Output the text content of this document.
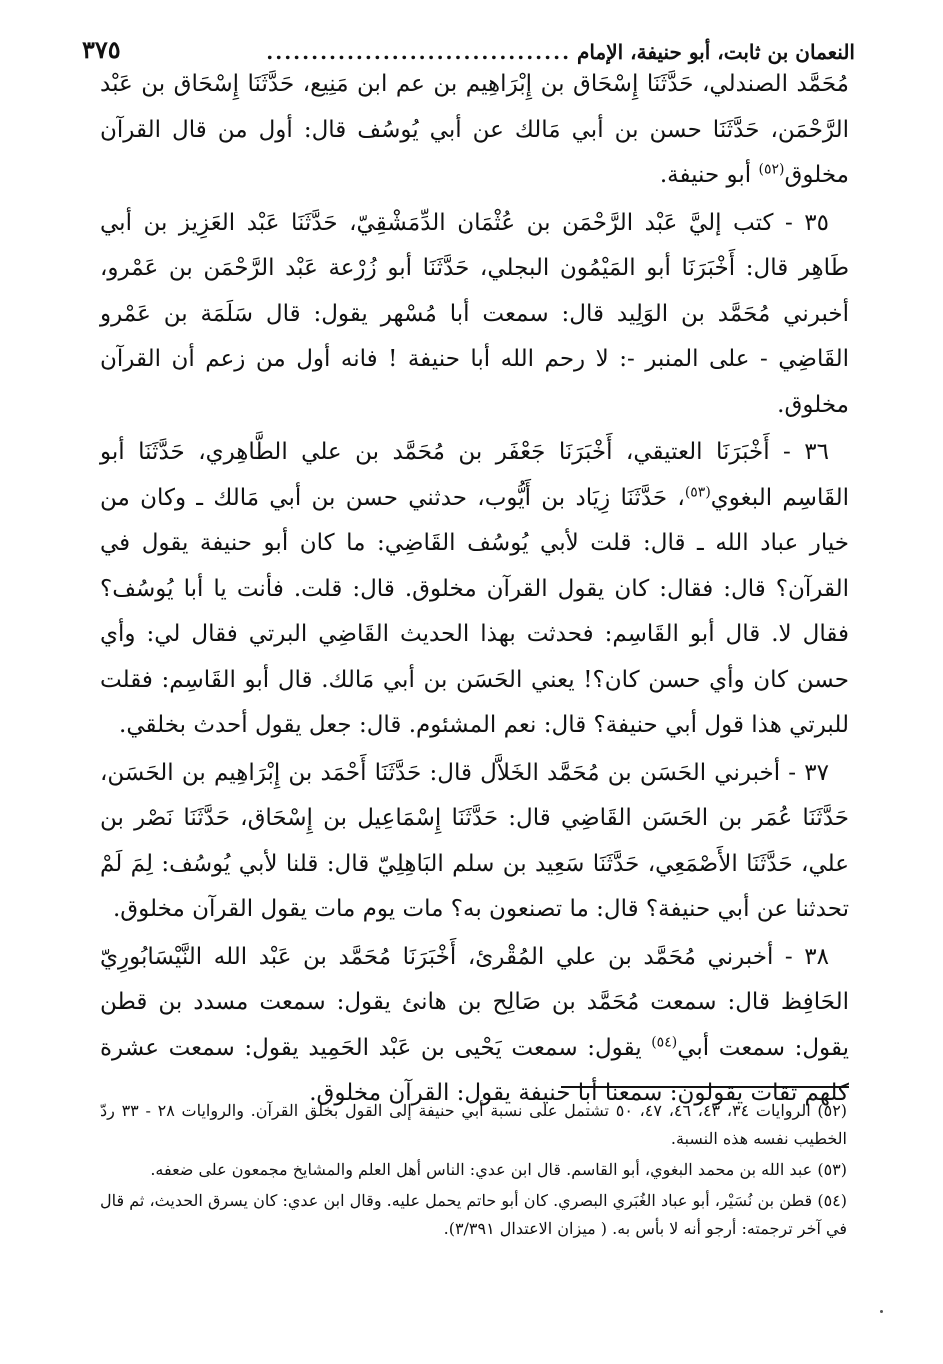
النعمان بن ثابت، أبو حنيفة، الإمام
..................................
٣٧٥

مُحَمَّد الصندلي، حَدَّثَنَا إِسْحَاق بن إِبْرَاهِيم بن عم ابن مَنِيع، حَدَّثَنَا إِسْحَاق بن عَبْد الرَّحْمَن، حَدَّثَنَا حسن بن أبي مَالك عن أبي يُوسُف قال: أول من قال القرآن مخلوق$^{(٥٢)}$ أبو حنيفة.

٣٥ - كتب إليَّ عَبْد الرَّحْمَن بن عُثْمَان الدِّمَشْقِيّ، حَدَّثَنَا عَبْد العَزِيز بن أبي طَاهِر قال: أَخْبَرَنَا أبو المَيْمُون البجلي، حَدَّثَنَا أبو زُرْعة عَبْد الرَّحْمَن بن عَمْرو، أخبرني مُحَمَّد بن الوَلِيد قال: سمعت أبا مُسْهر يقول: قال سَلَمَة بن عَمْرو القَاضِي - على المنبر -: لا رحم الله أبا حنيفة ! فانه أول من زعم أن القرآن مخلوق.

٣٦ - أَخْبَرَنَا العتيقي، أَخْبَرَنَا جَعْفَر بن مُحَمَّد بن علي الطَّاهِري، حَدَّثَنَا أبو القَاسِم البغوي$^{(٥٣)}$، حَدَّثَنَا زِيَاد بن أَيُّوب، حدثني حسن بن أبي مَالك ـ وكان من خيار عباد الله ـ قال: قلت لأبي يُوسُف القَاضِي: ما كان أبو حنيفة يقول في القرآن؟ قال: فقال: كان يقول القرآن مخلوق. قال: قلت. فأنت يا أبا يُوسُف؟ فقال لا. قال أبو القَاسِم: فحدثت بهذا الحديث القَاضِي البرتي فقال لي: وأي حسن كان وأي حسن كان؟! يعني الحَسَن بن أبي مَالك. قال أبو القَاسِم: فقلت للبرتي هذا قول أبي حنيفة؟ قال: نعم المشئوم. قال: جعل يقول أحدث بخلقي.

٣٧ - أخبرني الحَسَن بن مُحَمَّد الخَلاَّل قال: حَدَّثَنَا أَحْمَد بن إِبْرَاهِيم بن الحَسَن، حَدَّثَنَا عُمَر بن الحَسَن القَاضِي قال: حَدَّثَنَا إِسْمَاعِيل بن إِسْحَاق، حَدَّثَنَا نَصْر بن علي، حَدَّثَنَا الأَصْمَعِي، حَدَّثَنَا سَعِيد بن سلم البَاهِلِيّ قال: قلنا لأبي يُوسُف: لِمَ لَمْ تحدثنا عن أبي حنيفة؟ قال: ما تصنعون به؟ مات يوم مات يقول القرآن مخلوق.

٣٨ - أخبرني مُحَمَّد بن علي المُقْرئ، أَخْبَرَنَا مُحَمَّد بن عَبْد الله النَّيْسَابُورِيّ الحَافِظ قال: سمعت مُحَمَّد بن صَالِح بن هانئ يقول: سمعت مسدد بن قطن يقول: سمعت أبي$^{(٥٤)}$ يقول: سمعت يَحْيى بن عَبْد الحَمِيد يقول: سمعت عشرة كلهم ثقات يقولون: سمعنا أبا حنيفة يقول: القرآن مخلوق.

(٥٢) الروايات ٣٤، ٤٣، ٤٦، ٤٧، ٥٠ تشتمل على نسبة أبي حنيفة إلى القول بخلق القرآن. والروايات ٢٨ - ٣٣ ردّ الخطيب نفسه هذه النسبة.

(٥٣) عبد الله بن محمد البغوي، أبو القاسم. قال ابن عدي: الناس أهل العلم والمشايخ مجمعون على ضعفه.

(٥٤) قطن بن نُسَيْر، أبو عباد الغُبَري البصري. كان أبو حاتم يحمل عليه. وقال ابن عدي: كان يسرق الحديث، ثم قال في آخر ترجمته: أرجو أنه لا بأس به. ( ميزان الاعتدال ٣/٣٩١).
